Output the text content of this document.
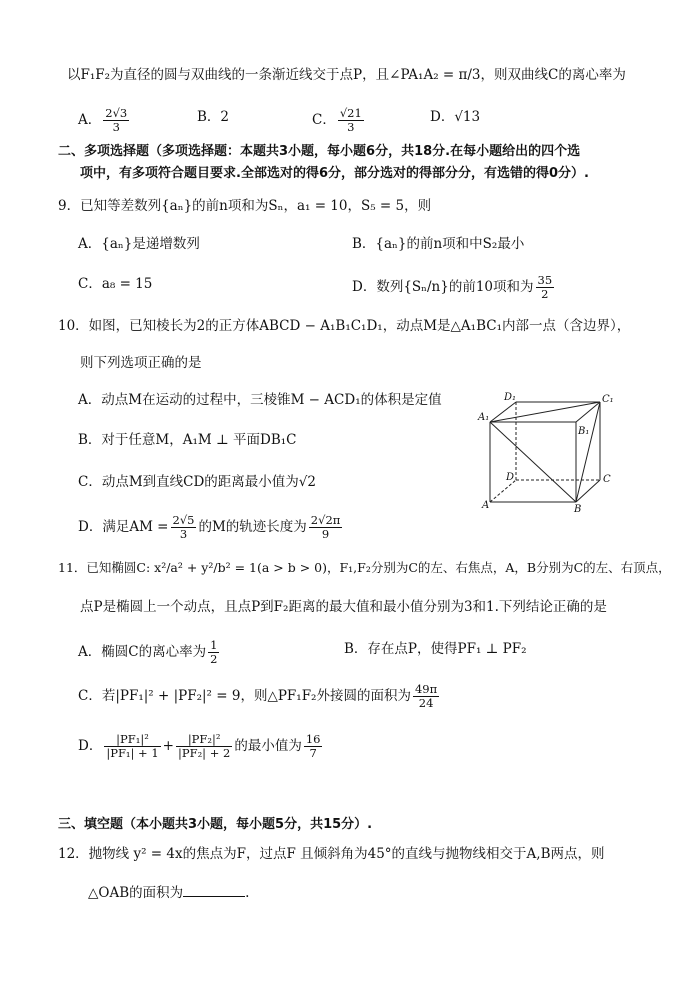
以F₁F₂为直径的圆与双曲线的一条渐近线交于点P，且∠PA₁A₂ = π/3，则双曲线C的离心率为
A． $\frac{2√3}{3}$	B．2	C． $\frac{√21}{3}$	D．√13
二、多项选择题（多项选择题：本题共3小题，每小题6分，共18分.在每小题给出的四个选
项中，有多项符合题目要求.全部选对的得6分，部分选对的得部分分，有选错的得0分）.
9．已知等差数列{aₙ}的前n项和为Sₙ，a₁ = 10，S₅ = 5，则
A．{aₙ}是递增数列	B．{aₙ}的前n项和中S₂最小
C．a₈ = 15	D．数列{Sₙ/n}的前10项和为 $\frac{35}{2}$
10．如图，已知棱长为2的正方体ABCD − A₁B₁C₁D₁，动点M是△A₁BC₁内部一点（含边界），
则下列选项正确的是
A．动点M在运动的过程中，三棱锥M − ACD₁的体积是定值
B．对于任意M，A₁M ⊥ 平面DB₁C
C．动点M到直线CD的距离最小值为√2
D．满足AM = $\frac{2√5}{3}$ 的M的轨迹长度为 $\frac{2√2\pi}{9}$
D₁	C₁
A₁
B₁
D	C
A	B
11．已知椭圆C: x²/a² + y²/b² = 1(a > b > 0)，F₁,F₂分别为C的左、右焦点，A，B分别为C的左、右顶点，
点P是椭圆上一个动点，且点P到F₂距离的最大值和最小值分别为3和1.下列结论正确的是
A．椭圆C的离心率为 $\frac{1}{2}$	B．存在点P，使得PF₁ ⊥ PF₂
C．若|PF₁|² + |PF₂|² = 9，则△PF₁F₂外接圆的面积为 $\frac{49\pi}{24}$
D． $\frac{\text{|PF₁|²}}{\text{|PF₁| + 1}} + \frac{\text{|PF₂|²}}{\text{|PF₂| + 2}}$ 的最小值为 $\frac{16}{7}$
三、填空题（本小题共3小题，每小题5分，共15分）.
12．抛物线 y² = 4x的焦点为F，过点F 且倾斜角为45°的直线与抛物线相交于A,B两点，则
△OAB的面积为	.
